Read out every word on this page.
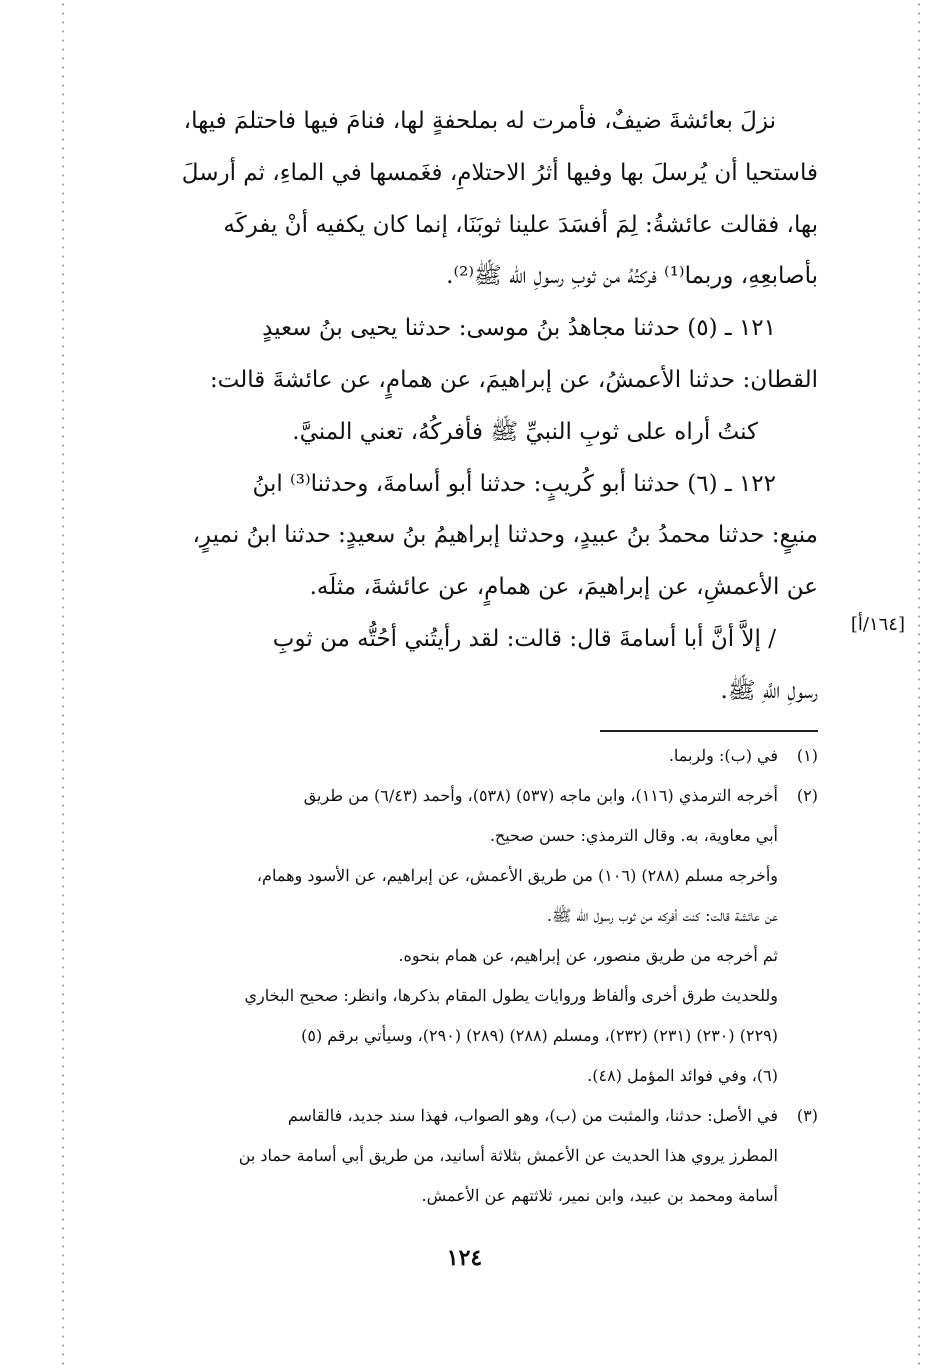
نزلَ بعائشةَ ضيفٌ، فأمرت له بملحفةٍ لها، فنامَ فيها فاحتلمَ فيها،
فاستحيا أن يُرسلَ بها وفيها أثرُ الاحتلامِ، فغَمسها في الماءِ، ثم أرسلَ
بها، فقالت عائشةُ: لِمَ أفسَدَ علينا ثوبَنَا، إنما كان يكفيه أنْ يفركَه
بأصابعِهِ، وربما⁽¹⁾ فركتُهُ من ثوبِ رسولِ الله ﷺ⁽²⁾.
١٢١ ـ (٥) حدثنا مجاهدُ بنُ موسى: حدثنا يحيى بنُ سعيدٍ
القطان: حدثنا الأعمشُ، عن إبراهيمَ، عن همامٍ، عن عائشةَ قالت:
كنتُ أراه على ثوبِ النبيِّ ﷺ فأفركُهُ، تعني المنيَّ.
١٢٢ ـ (٦) حدثنا أبو كُريبٍ: حدثنا أبو أسامةَ، وحدثنا⁽³⁾ ابنُ
منيعٍ: حدثنا محمدُ بنُ عبيدٍ، وحدثنا إبراهيمُ بنُ سعيدٍ: حدثنا ابنُ نميرٍ،
عن الأعمشِ، عن إبراهيمَ، عن همامٍ، عن عائشةَ، مثلَه.
/ إلاَّ أنَّ أبا أسامةَ قال: قالت: لقد رأيتُني أحُتُّه من ثوبِ
رسولِ اللَّهِ ﷺ.
[١٦٤/أ]
(١)
في (ب): ولربما.
(٢)
أخرجه الترمذي (١١٦)، وابن ماجه (٥٣٧) (٥٣٨)، وأحمد (٦/٤٣) من طريق
أبي معاوية، به. وقال الترمذي: حسن صحيح.
وأخرجه مسلم (٢٨٨) (١٠٦) من طريق الأعمش، عن إبراهيم، عن الأسود وهمام،
عن عائشة قالت: كنت أفركه من ثوب رسول الله ﷺ.
ثم أخرجه من طريق منصور، عن إبراهيم، عن همام بنحوه.
وللحديث طرق أخرى وألفاظ وروايات يطول المقام بذكرها، وانظر: صحيح البخاري
(٢٢٩) (٢٣٠) (٢٣١) (٢٣٢)، ومسلم (٢٨٨) (٢٨٩) (٢٩٠)، وسيأتي برقم (٥)
(٦)، وفي فوائد المؤمل (٤٨).
(٣)
في الأصل: حدثنا، والمثبت من (ب)، وهو الصواب، فهذا سند جديد، فالقاسم
المطرز يروي هذا الحديث عن الأعمش بثلاثة أسانيد، من طريق أبي أسامة حماد بن
أسامة ومحمد بن عبيد، وابن نمير، ثلاثتهم عن الأعمش.
١٢٤
